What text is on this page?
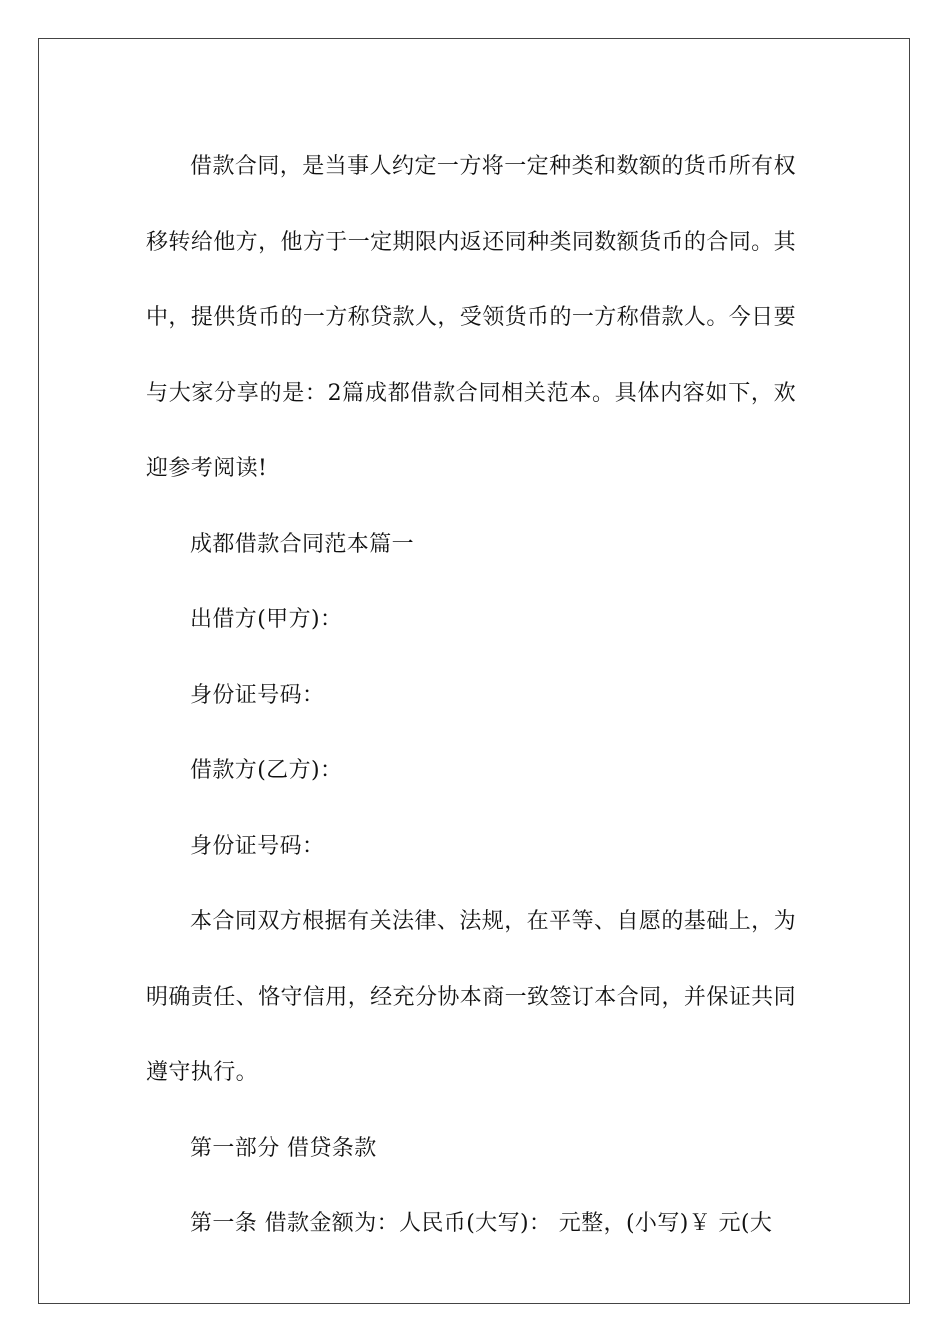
借款合同，是当事人约定一方将一定种类和数额的货币所有权移转给他方，他方于一定期限内返还同种类同数额货币的合同。其中，提供货币的一方称贷款人，受领货币的一方称借款人。今日要与大家分享的是：2篇成都借款合同相关范本。具体内容如下，欢迎参考阅读!

成都借款合同范本篇一

出借方(甲方)：

身份证号码：

借款方(乙方)：

身份证号码：

本合同双方根据有关法律、法规，在平等、自愿的基础上，为明确责任、恪守信用，经充分协本商一致签订本合同，并保证共同遵守执行。

第一部分 借贷条款

第一条 借款金额为：人民币(大写)： 元整，(小写)￥ 元(大
